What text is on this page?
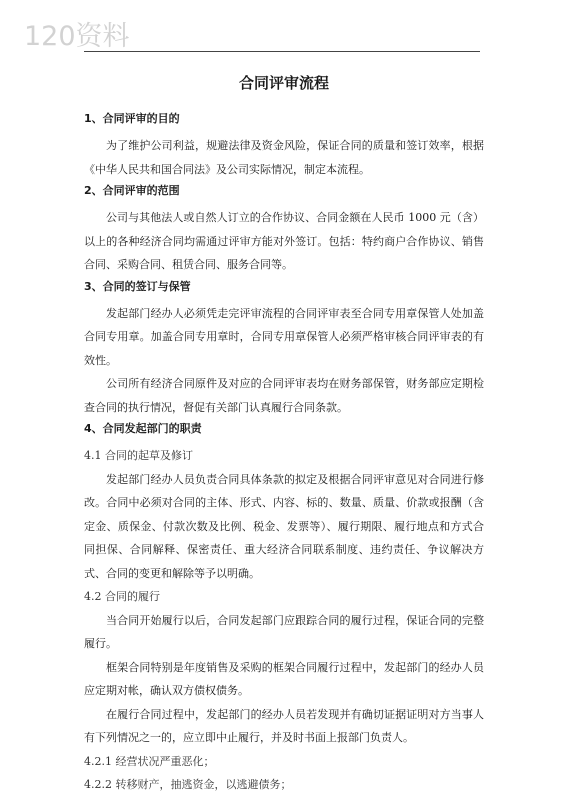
120资料
合同评审流程
1、合同评审的目的

为了维护公司利益，规避法律及资金风险，保证合同的质量和签订效率，根据《中华人民共和国合同法》及公司实际情况，制定本流程。

2、合同评审的范围

公司与其他法人或自然人订立的合作协议、合同金额在人民币 1000 元（含）以上的各种经济合同均需通过评审方能对外签订。包括：特约商户合作协议、销售合同、采购合同、租赁合同、服务合同等。

3、合同的签订与保管

发起部门经办人必须凭走完评审流程的合同评审表至合同专用章保管人处加盖合同专用章。加盖合同专用章时，合同专用章保管人必须严格审核合同评审表的有效性。

公司所有经济合同原件及对应的合同评审表均在财务部保管，财务部应定期检查合同的执行情况，督促有关部门认真履行合同条款。

4、合同发起部门的职责
4.1 合同的起草及修订

发起部门经办人员负责合同具体条款的拟定及根据合同评审意见对合同进行修改。合同中必须对合同的主体、形式、内容、标的、数量、质量、价款或报酬（含定金、质保金、付款次数及比例、税金、发票等）、履行期限、履行地点和方式合同担保、合同解释、保密责任、重大经济合同联系制度、违约责任、争议解决方式、合同的变更和解除等予以明确。

4.2 合同的履行

当合同开始履行以后，合同发起部门应跟踪合同的履行过程，保证合同的完整履行。

框架合同特别是年度销售及采购的框架合同履行过程中，发起部门的经办人员应定期对帐，确认双方债权债务。

在履行合同过程中，发起部门的经办人员若发现并有确切证据证明对方当事人有下列情况之一的，应立即中止履行，并及时书面上报部门负责人。

4.2.1 经营状况严重恶化；
4.2.2 转移财产，抽逃资金，以逃避债务；
